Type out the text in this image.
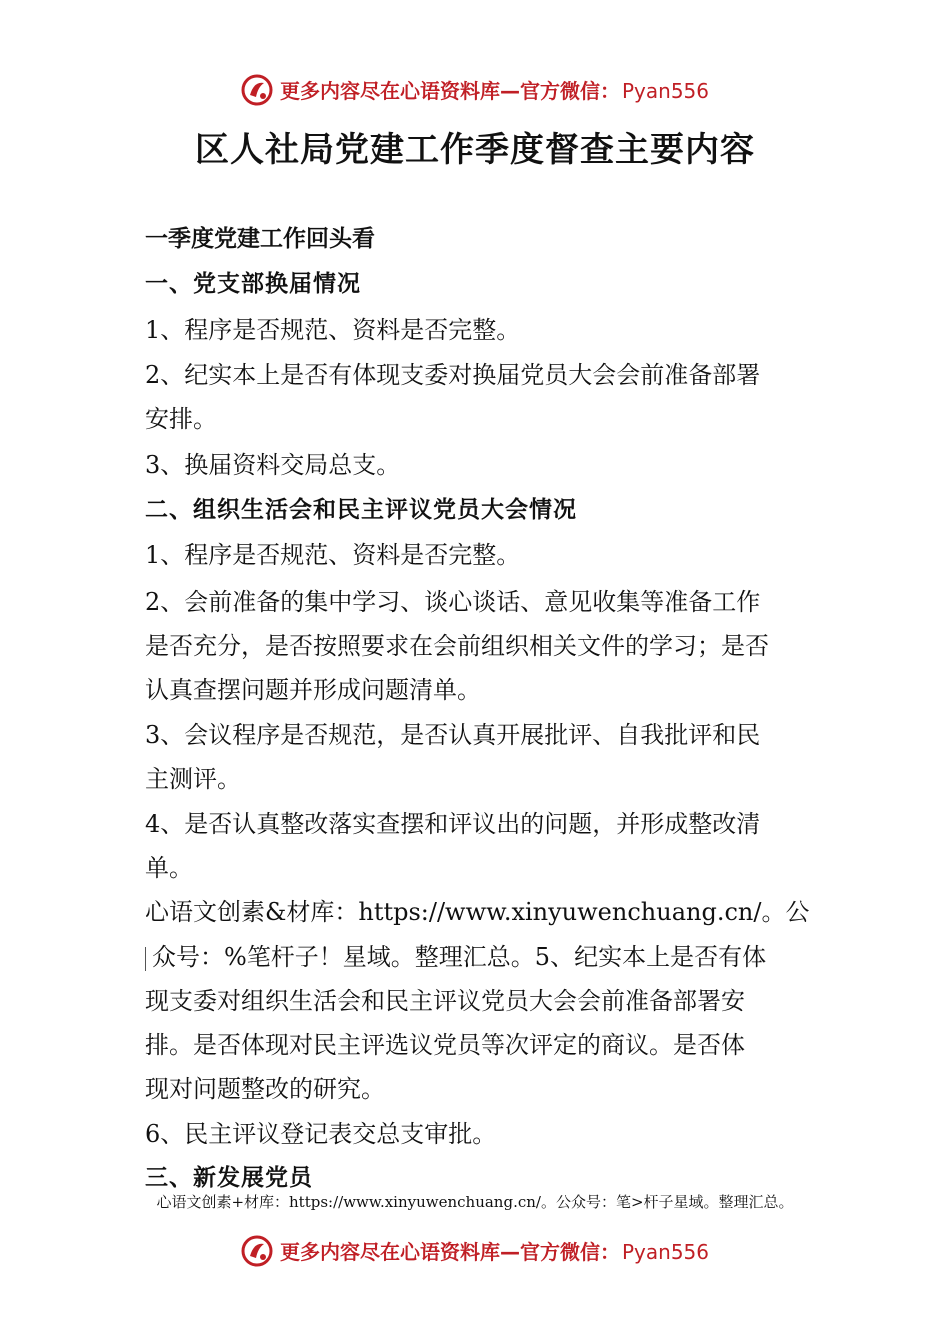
更多内容尽在心语资料库—官方微信： Pyan556
区人社局党建工作季度督查主要内容
一季度党建工作回头看
一、党支部换届情况
1、程序是否规范、资料是否完整。
2、纪实本上是否有体现支委对换届党员大会会前准备部署
安排。
3、换届资料交局总支。
二、组织生活会和民主评议党员大会情况
1、程序是否规范、资料是否完整。
2、会前准备的集中学习、谈心谈话、意见收集等准备工作
是否充分，是否按照要求在会前组织相关文件的学习；是否
认真查摆问题并形成问题清单。
3、会议程序是否规范，是否认真开展批评、自我批评和民
主测评。
4、是否认真整改落实查摆和评议出的问题，并形成整改清
单。
心语文创素&材库：https://www.xinyuwenchuang.cn/。公
众号：%笔杆子！星域。整理汇总。5、纪实本上是否有体
现支委对组织生活会和民主评议党员大会会前准备部署安
排。是否体现对民主评选议党员等次评定的商议。是否体
现对问题整改的研究。
6、民主评议登记表交总支审批。
三、新发展党员
心语文创素+材库：https://www.xinyuwenchuang.cn/。公众号：笔>杆子星域。整理汇总。
更多内容尽在心语资料库—官方微信： Pyan556
